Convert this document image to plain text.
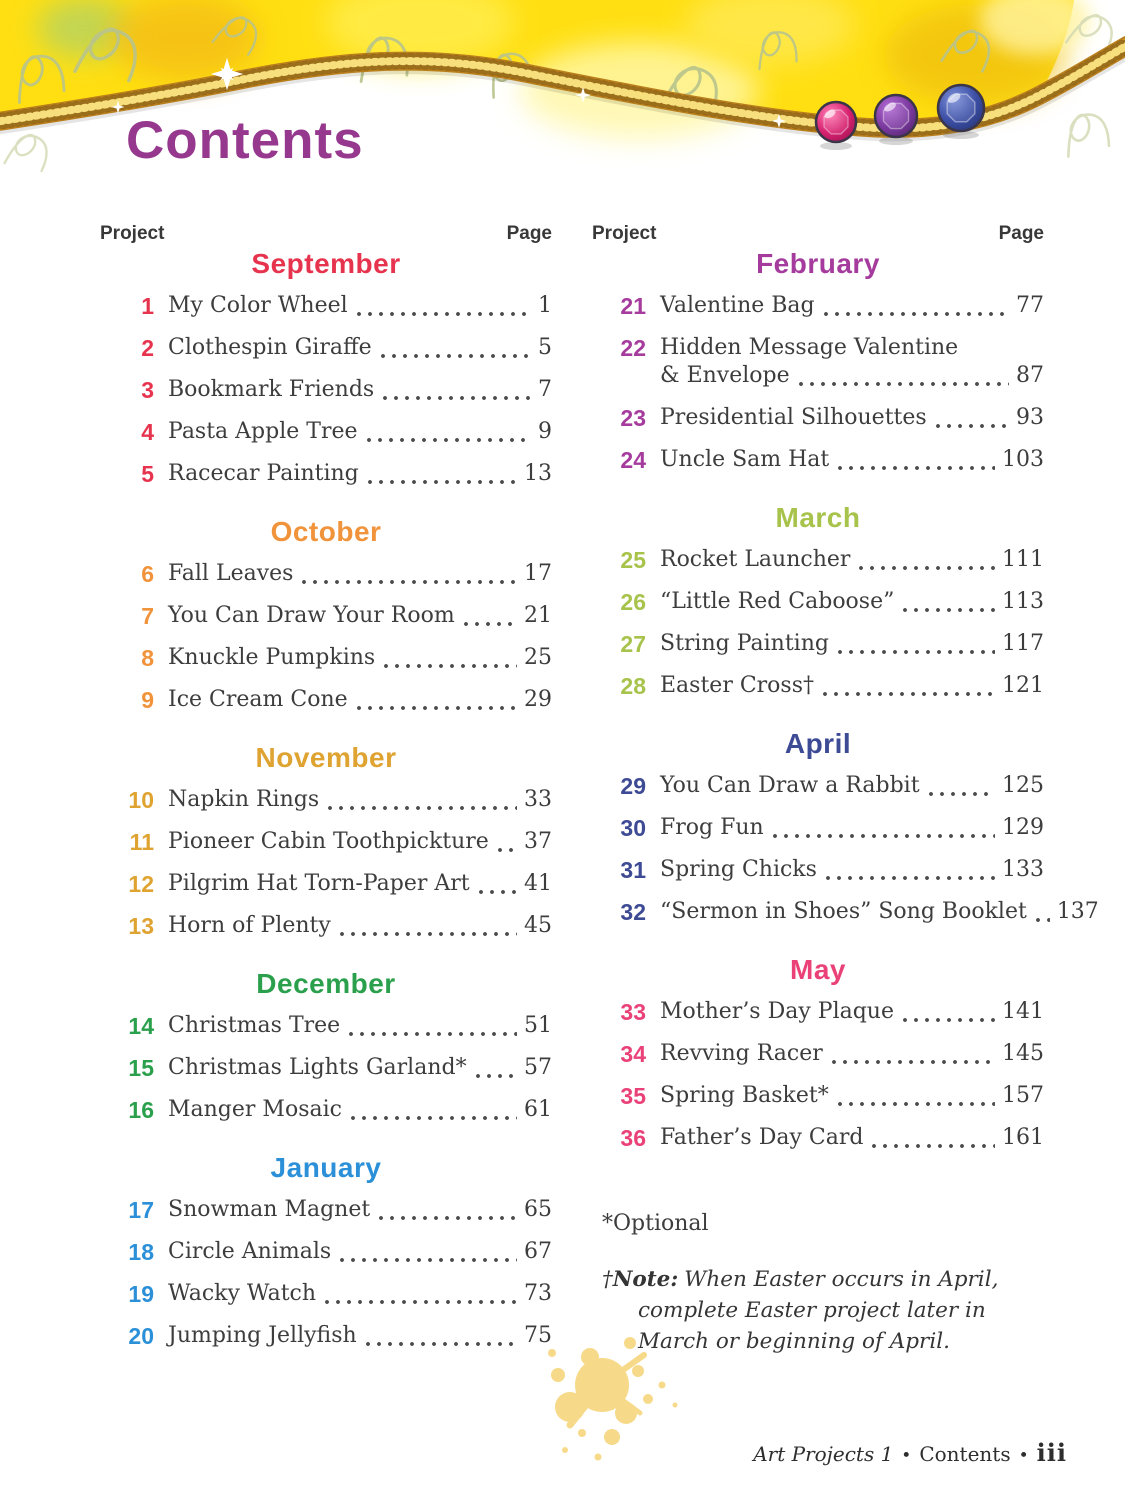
Contents
Project	Page
September
1 My Color Wheel	1
2 Clothespin Giraffe	5
3 Bookmark Friends	7
4 Pasta Apple Tree	9
5 Racecar Painting	13
October
6 Fall Leaves	17
7 You Can Draw Your Room	21
8 Knuckle Pumpkins	25
9 Ice Cream Cone	29
November
10 Napkin Rings	33
11 Pioneer Cabin Toothpickture 37
12 Pilgrim Hat Torn-Paper Art 41
13 Horn of Plenty	45
December
14 Christmas Tree	51
15 Christmas Lights Garland*	57
16 Manger Mosaic	61
January
17 Snowman Magnet	65
18 Circle Animals	67
19 Wacky Watch	73
20 Jumping Jellyfish	75
Project	Page
February
21 Valentine Bag	77
22 Hidden Message Valentine
& Envelope	87
23 Presidential Silhouettes	93
24 Uncle Sam Hat	103
March
25 Rocket Launcher	111
26 “Little Red Caboose”	113
27 String Painting	117
28 Easter Cross†	121
April
29 You Can Draw a Rabbit	125
30 Frog Fun	129
31 Spring Chicks	133
32 “Sermon in Shoes” Song Booklet 137
May
33 Mother’s Day Plaque	141
34 Revving Racer	145
35 Spring Basket*	157
36 Father’s Day Card	161
*Optional
†Note: When Easter occurs in April, complete Easter project later in March or beginning of April.
Art Projects 1 • Contents • iii
